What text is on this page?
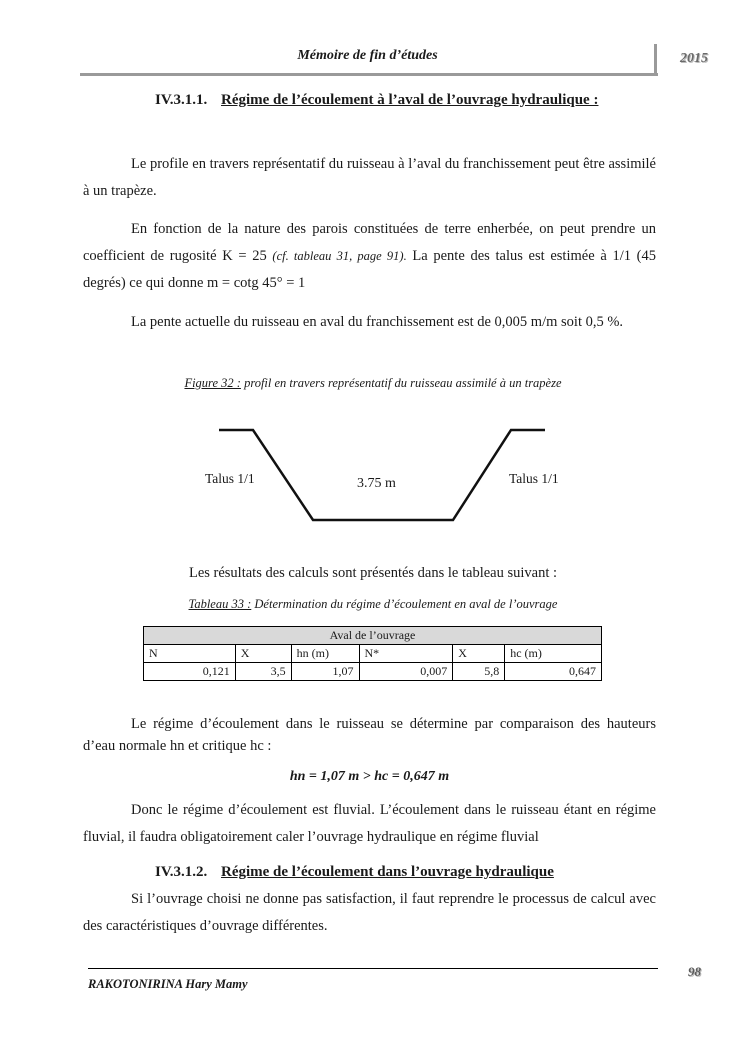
Mémoire de fin d’études	2015
IV.3.1.1. Régime de l’écoulement à l’aval de l’ouvrage hydraulique :
Le profile en travers représentatif du ruisseau à l’aval du franchissement peut être assimilé à un trapèze.
En fonction de la nature des parois constituées de terre enherbée, on peut prendre un coefficient de rugosité K = 25 (cf. tableau 31, page 91). La pente des talus est estimée à 1/1 (45 degrés) ce qui donne m = cotg 45° = 1
La pente actuelle du ruisseau en aval du franchissement est de 0,005 m/m soit 0,5 %.
Figure 32 : profil en travers représentatif du ruisseau assimilé à un trapèze
Talus 1/1	3.75 m	Talus 1/1
Les résultats des calculs sont présentés dans le tableau suivant :
Tableau 33 : Détermination du régime d’écoulement en aval de l’ouvrage
Aval de l’ouvrage					
N	X	hn (m)	N*	X	hc (m)
0,121	3,5	1,07	0,007	5,8	0,647
Le régime d’écoulement dans le ruisseau se détermine par comparaison des hauteurs d’eau normale hn et critique hc :
hn = 1,07 m > hc = 0,647 m
Donc le régime d’écoulement est fluvial. L’écoulement dans le ruisseau étant en régime fluvial, il faudra obligatoirement caler l’ouvrage hydraulique en régime fluvial
IV.3.1.2. Régime de l’écoulement dans l’ouvrage hydraulique
Si l’ouvrage choisi ne donne pas satisfaction, il faut reprendre le processus de calcul avec des caractéristiques d’ouvrage différentes.
98
RAKOTONIRINA Hary Mamy
